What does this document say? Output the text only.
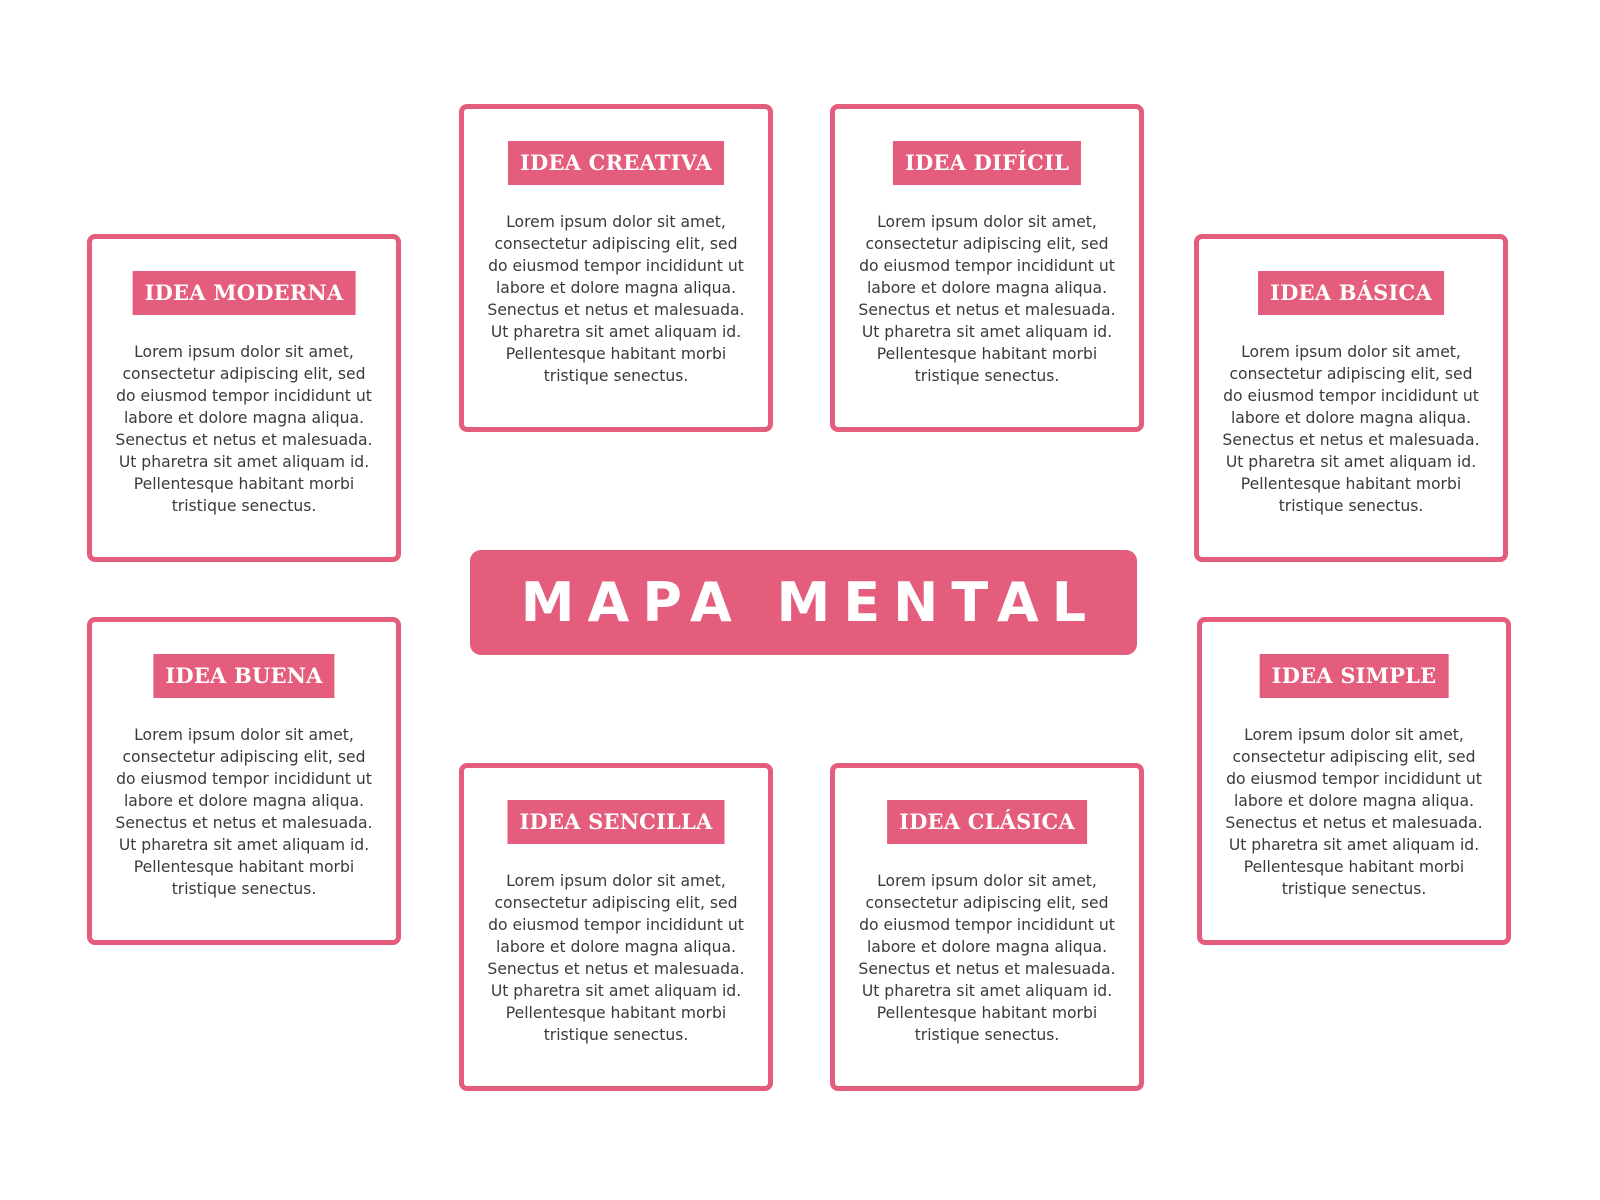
IDEA CREATIVA
Lorem ipsum dolor sit amet, consectetur adipiscing elit, sed do eiusmod tempor incididunt ut labore et dolore magna aliqua. Senectus et netus et malesuada. Ut pharetra sit amet aliquam id. Pellentesque habitant morbi tristique senectus.
IDEA DIFÍCIL
Lorem ipsum dolor sit amet, consectetur adipiscing elit, sed do eiusmod tempor incididunt ut labore et dolore magna aliqua. Senectus et netus et malesuada. Ut pharetra sit amet aliquam id. Pellentesque habitant morbi tristique senectus.
IDEA MODERNA
Lorem ipsum dolor sit amet, consectetur adipiscing elit, sed do eiusmod tempor incididunt ut labore et dolore magna aliqua. Senectus et netus et malesuada. Ut pharetra sit amet aliquam id. Pellentesque habitant morbi tristique senectus.
IDEA BÁSICA
Lorem ipsum dolor sit amet, consectetur adipiscing elit, sed do eiusmod tempor incididunt ut labore et dolore magna aliqua. Senectus et netus et malesuada. Ut pharetra sit amet aliquam id. Pellentesque habitant morbi tristique senectus.
MAPA MENTAL
IDEA BUENA
Lorem ipsum dolor sit amet, consectetur adipiscing elit, sed do eiusmod tempor incididunt ut labore et dolore magna aliqua. Senectus et netus et malesuada. Ut pharetra sit amet aliquam id. Pellentesque habitant morbi tristique senectus.
IDEA SIMPLE
Lorem ipsum dolor sit amet, consectetur adipiscing elit, sed do eiusmod tempor incididunt ut labore et dolore magna aliqua. Senectus et netus et malesuada. Ut pharetra sit amet aliquam id. Pellentesque habitant morbi tristique senectus.
IDEA SENCILLA
Lorem ipsum dolor sit amet, consectetur adipiscing elit, sed do eiusmod tempor incididunt ut labore et dolore magna aliqua. Senectus et netus et malesuada. Ut pharetra sit amet aliquam id. Pellentesque habitant morbi tristique senectus.
IDEA CLÁSICA
Lorem ipsum dolor sit amet, consectetur adipiscing elit, sed do eiusmod tempor incididunt ut labore et dolore magna aliqua. Senectus et netus et malesuada. Ut pharetra sit amet aliquam id. Pellentesque habitant morbi tristique senectus.
